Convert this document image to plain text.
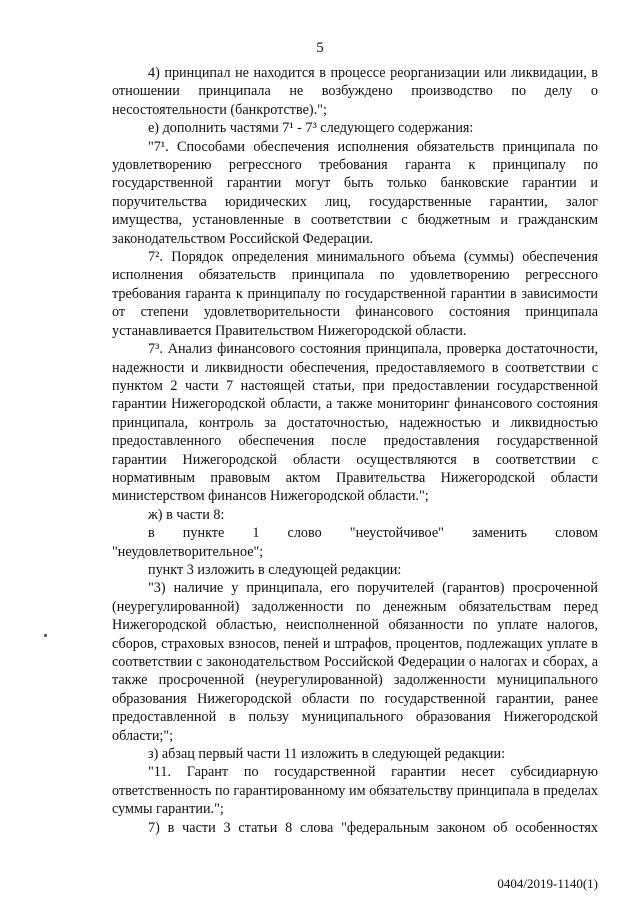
5

4) принципал не находится в процессе реорганизации или ликвидации, в отношении принципала не возбуждено производство по делу о несостоятельности (банкротстве).";

е) дополнить частями 7¹ - 7³ следующего содержания:

"7¹. Способами обеспечения исполнения обязательств принципала по удовлетворению регрессного требования гаранта к принципалу по государственной гарантии могут быть только банковские гарантии и поручительства юридических лиц, государственные гарантии, залог имущества, установленные в соответствии с бюджетным и гражданским законодательством Российской Федерации.

7². Порядок определения минимального объема (суммы) обеспечения исполнения обязательств принципала по удовлетворению регрессного требования гаранта к принципалу по государственной гарантии в зависимости от степени удовлетворительности финансового состояния принципала устанавливается Правительством Нижегородской области.

7³. Анализ финансового состояния принципала, проверка достаточности, надежности и ликвидности обеспечения, предоставляемого в соответствии с пунктом 2 части 7 настоящей статьи, при предоставлении государственной гарантии Нижегородской области, а также мониторинг финансового состояния принципала, контроль за достаточностью, надежностью и ликвидностью предоставленного обеспечения после предоставления государственной гарантии Нижегородской области осуществляются в соответствии с нормативным правовым актом Правительства Нижегородской области министерством финансов Нижегородской области.";

ж) в части 8:

в пункте 1 слово "неустойчивое" заменить словом "неудовлетворительное";

пункт 3 изложить в следующей редакции:

"3) наличие у принципала, его поручителей (гарантов) просроченной (неурегулированной) задолженности по денежным обязательствам перед Нижегородской областью, неисполненной обязанности по уплате налогов, сборов, страховых взносов, пеней и штрафов, процентов, подлежащих уплате в соответствии с законодательством Российской Федерации о налогах и сборах, а также просроченной (неурегулированной) задолженности муниципального образования Нижегородской области по государственной гарантии, ранее предоставленной в пользу муниципального образования Нижегородской области;";

з) абзац первый части 11 изложить в следующей редакции:

"11. Гарант по государственной гарантии несет субсидиарную ответственность по гарантированному им обязательству принципала в пределах суммы гарантии.";

7) в части 3 статьи 8 слова "федеральным законом об особенностях

0404/2019-1140(1)
